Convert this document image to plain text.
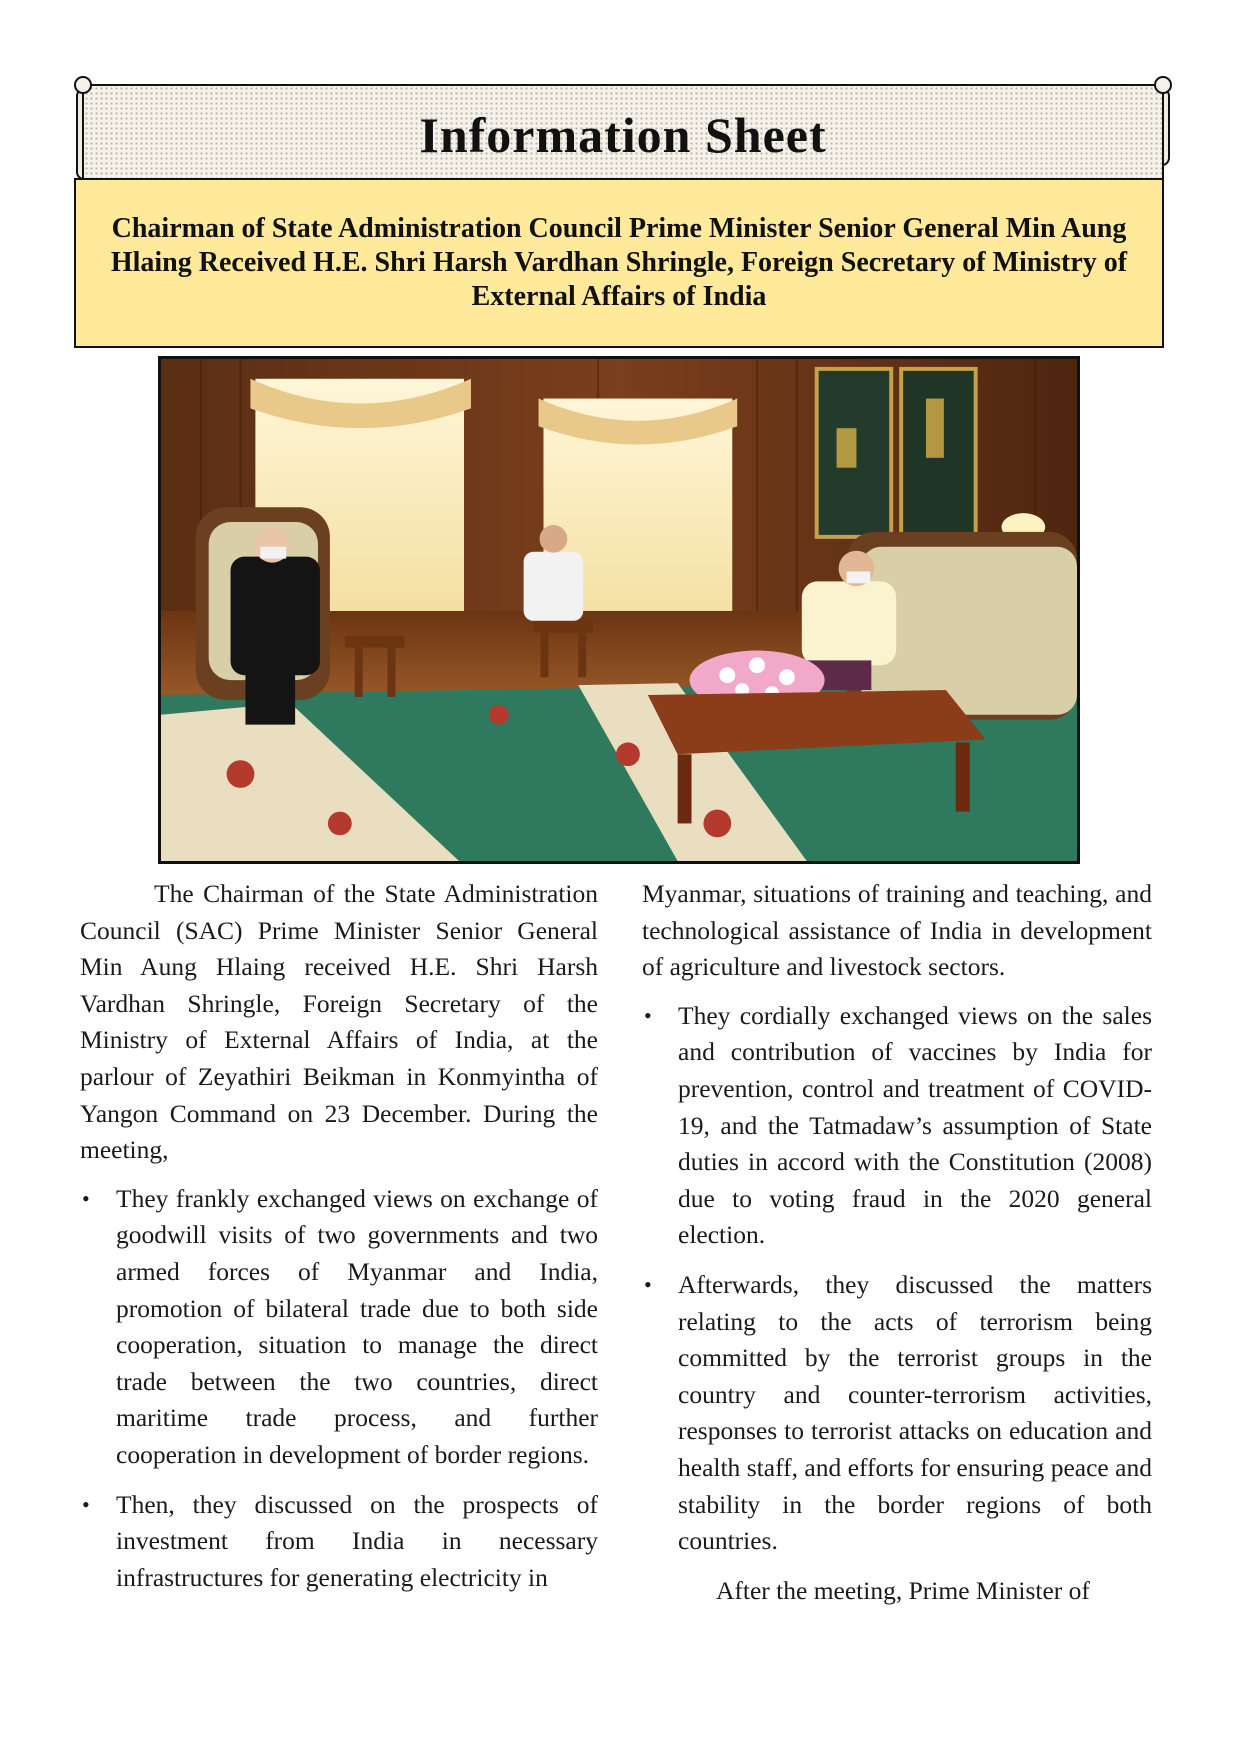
Information Sheet
Chairman of State Administration Council Prime Minister Senior General Min Aung Hlaing Received H.E. Shri Harsh Vardhan Shringle, Foreign Secretary of Ministry of External Affairs of India

The Chairman of the State Administration Council (SAC) Prime Minister Senior General Min Aung Hlaing received H.E. Shri Harsh Vardhan Shringle, Foreign Secretary of the Ministry of External Affairs of India, at the parlour of Zeyathiri Beikman in Konmyintha of Yangon Command on 23 December. During the meeting,

• They frankly exchanged views on exchange of goodwill visits of two governments and two armed forces of Myanmar and India, promotion of bilateral trade due to both side cooperation, situation to manage the direct trade between the two countries, direct maritime trade process, and further cooperation in development of border regions.
• Then, they discussed on the prospects of investment from India in necessary infrastructures for generating electricity in

Myanmar, situations of training and teaching, and technological assistance of India in development of agriculture and livestock sectors.

• They cordially exchanged views on the sales and contribution of vaccines by India for prevention, control and treatment of COVID-19, and the Tatmadaw’s assumption of State duties in accord with the Constitution (2008) due to voting fraud in the 2020 general election.
• Afterwards, they discussed the matters relating to the acts of terrorism being committed by the terrorist groups in the country and counter-terrorism activities, responses to terrorist attacks on education and health staff, and efforts for ensuring peace and stability in the border regions of both countries.

After the meeting, Prime Minister of
